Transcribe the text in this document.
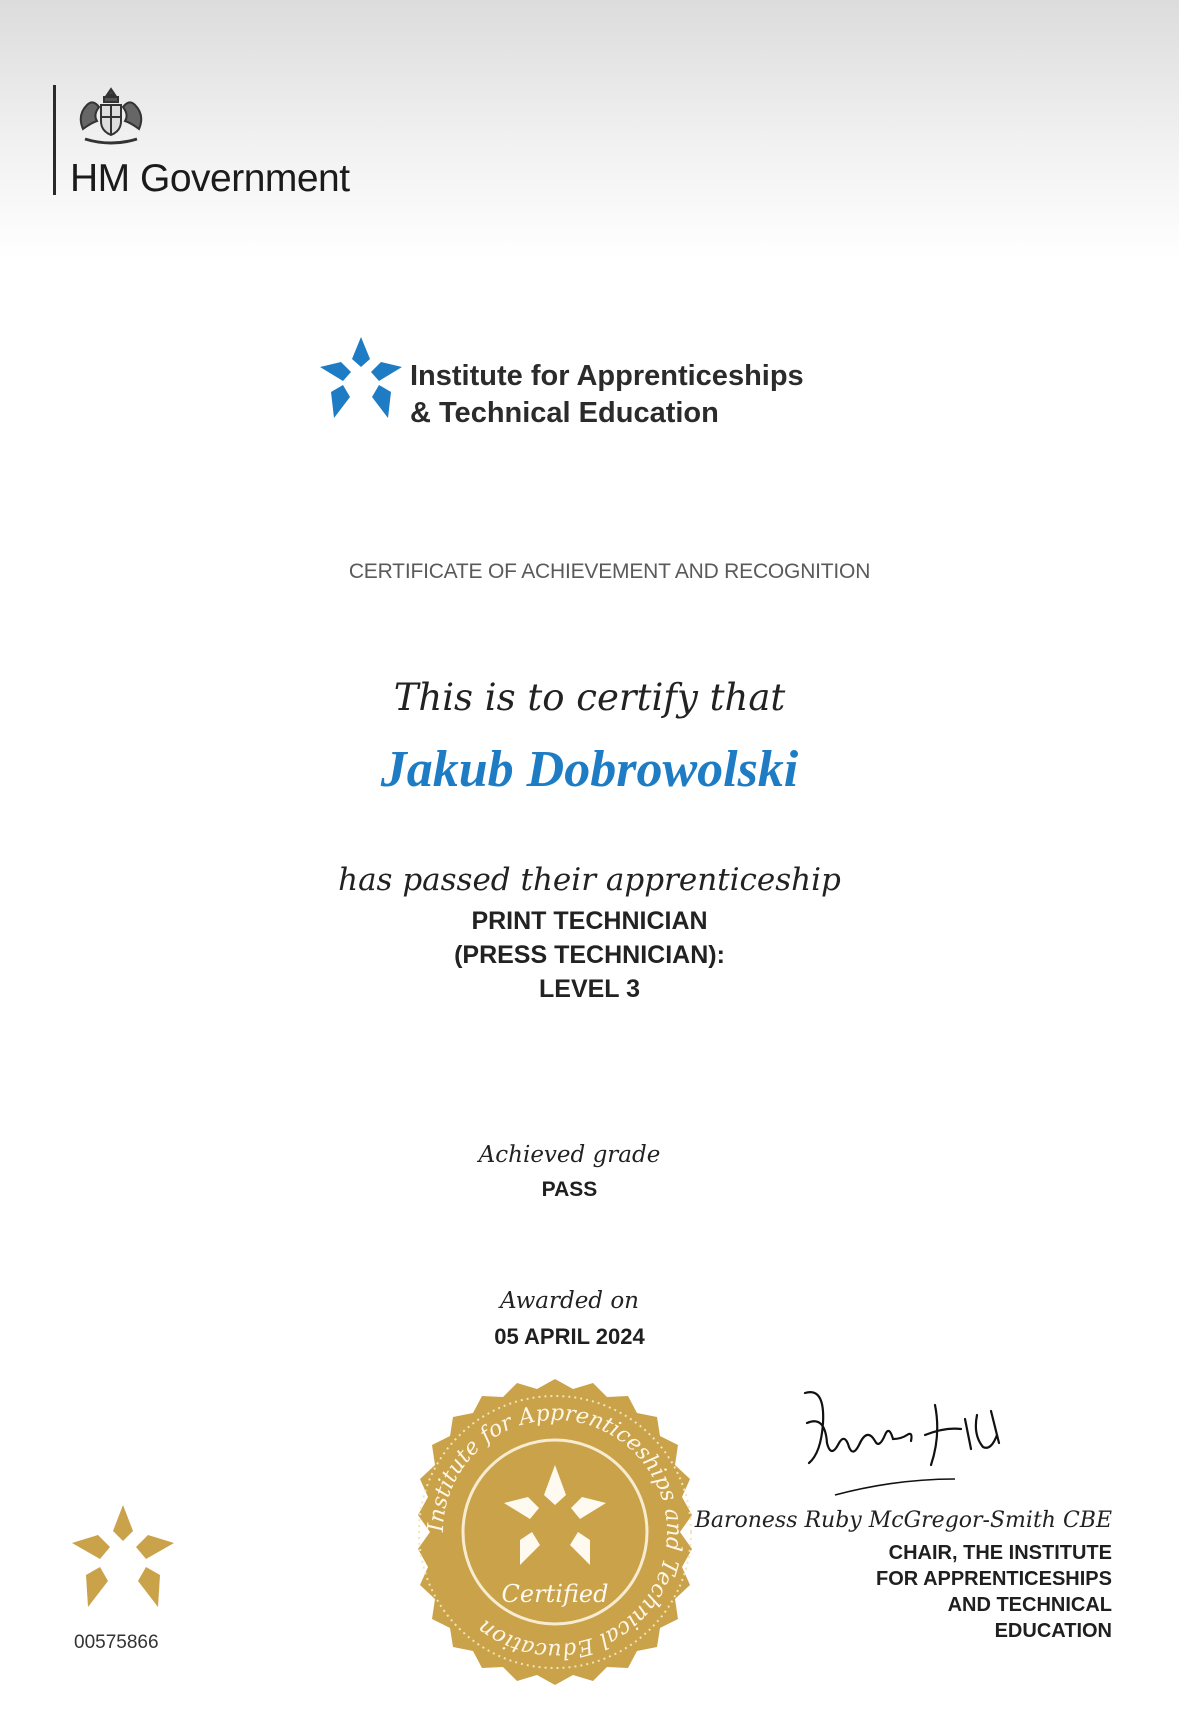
HM Government
Institute for Apprenticeships
& Technical Education
CERTIFICATE OF ACHIEVEMENT AND RECOGNITION
This is to certify that
Jakub Dobrowolski
has passed their apprenticeship
PRINT TECHNICIAN
(PRESS TECHNICIAN):
LEVEL 3
Achieved grade
PASS
Awarded on
05 APRIL 2024
Institute for Apprenticeships and Technical Education
Certified
Baroness Ruby McGregor-Smith CBE
CHAIR, THE INSTITUTE
FOR APPRENTICESHIPS
AND TECHNICAL
EDUCATION
00575866
